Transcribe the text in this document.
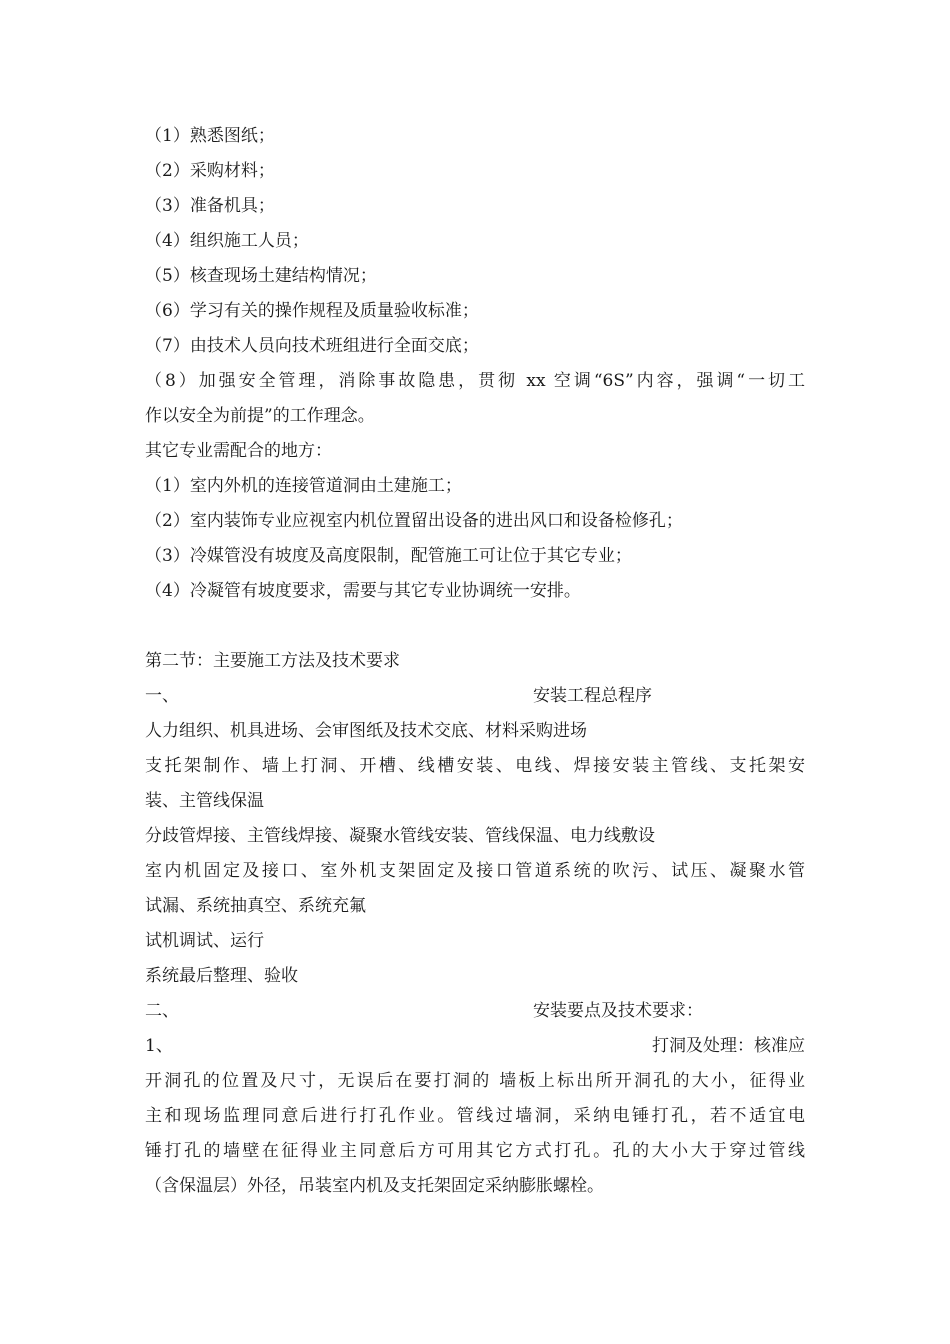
（1）熟悉图纸；
（2）采购材料；
（3）准备机具；
（4）组织施工人员；
（5）核查现场土建结构情况；
（6）学习有关的操作规程及质量验收标准；
（7）由技术人员向技术班组进行全面交底；
（8）加强安全管理，消除事故隐患，贯彻 xx 空调“6S”内容，强调“一切工
作以安全为前提”的工作理念。
其它专业需配合的地方：
（1）室内外机的连接管道洞由土建施工；
（2）室内装饰专业应视室内机位置留出设备的进出风口和设备检修孔；
（3）冷媒管没有坡度及高度限制，配管施工可让位于其它专业；
（4）冷凝管有坡度要求，需要与其它专业协调统一安排。
第二节：主要施工方法及技术要求
一、	安装工程总程序
人力组织、机具进场、会审图纸及技术交底、材料采购进场
支托架制作、墙上打洞、开槽、线槽安装、电线、焊接安装主管线、支托架安
装、主管线保温
分歧管焊接、主管线焊接、凝聚水管线安装、管线保温、电力线敷设
室内机固定及接口、室外机支架固定及接口管道系统的吹污、试压、凝聚水管
试漏、系统抽真空、系统充氟
试机调试、运行
系统最后整理、验收
二、	安装要点及技术要求：
1、	打洞及处理：核准应
开洞孔的位置及尺寸，无误后在要打洞的 墙板上标出所开洞孔的大小，征得业
主和现场监理同意后进行打孔作业。管线过墙洞，采纳电锤打孔，若不适宜电
锤打孔的墙壁在征得业主同意后方可用其它方式打孔。孔的大小大于穿过管线
（含保温层）外径，吊装室内机及支托架固定采纳膨胀螺栓。
